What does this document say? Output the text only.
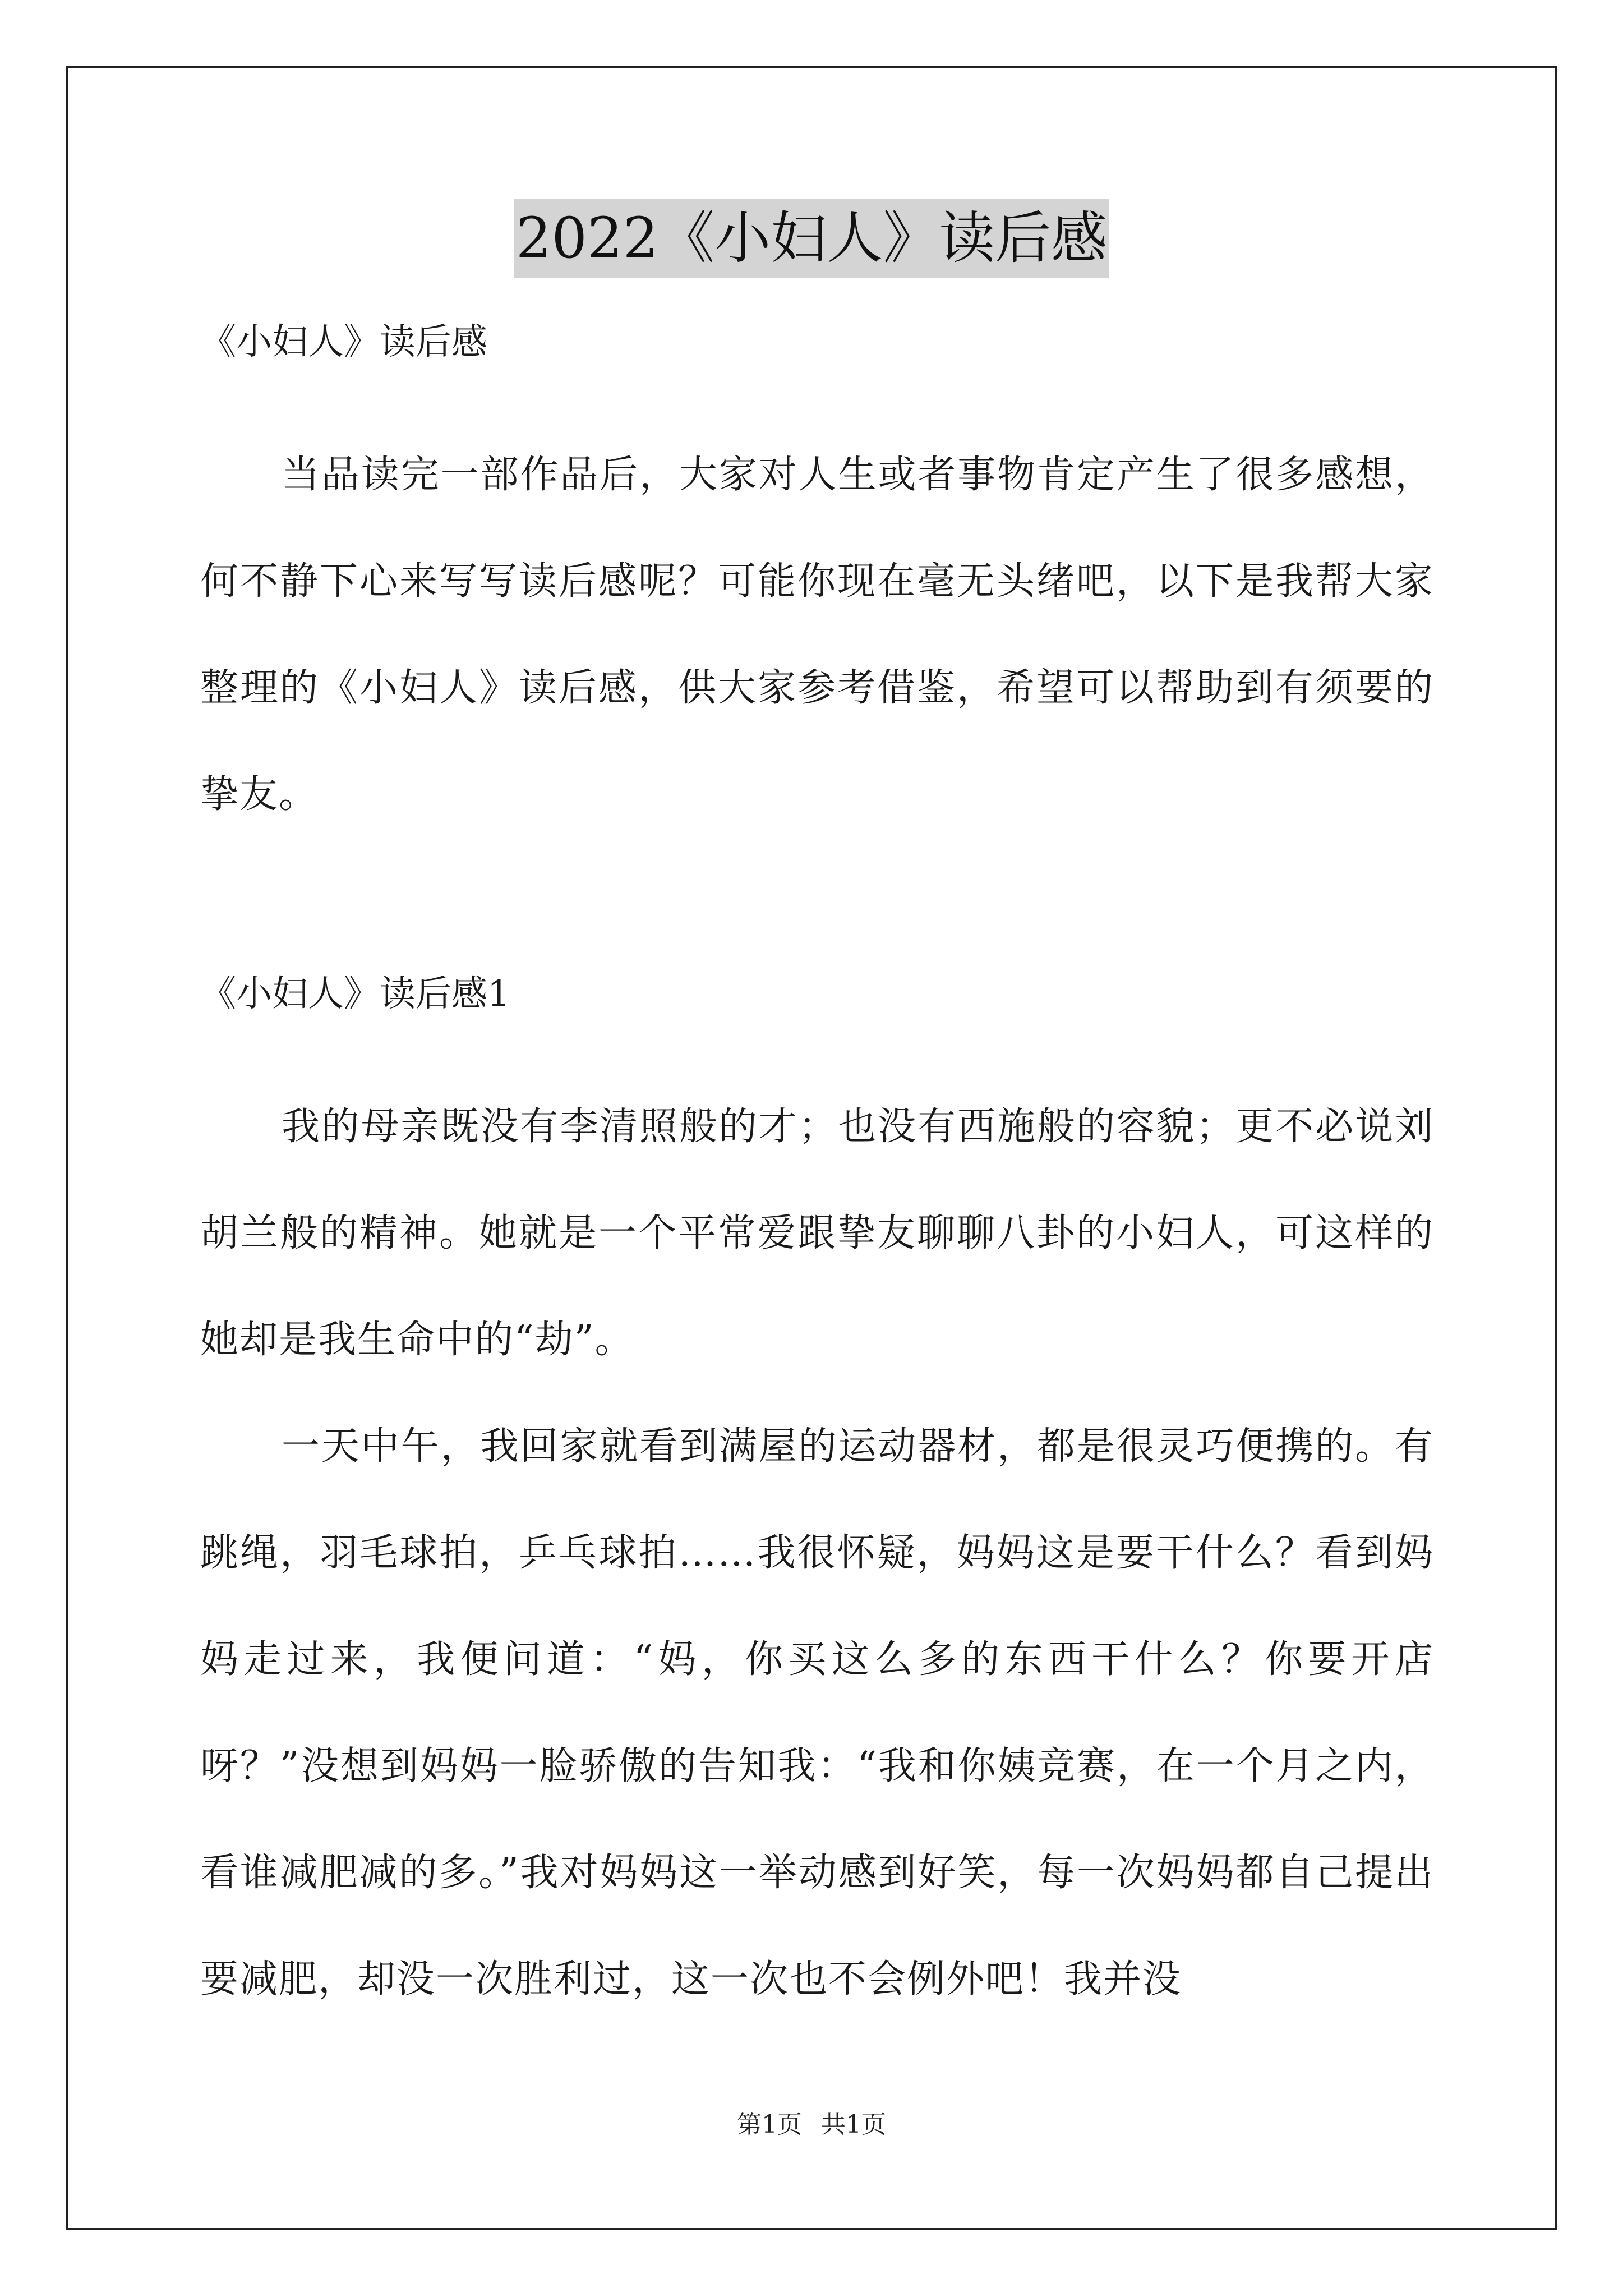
2022《小妇人》读后感

《小妇人》读后感

当品读完一部作品后，大家对人生或者事物肯定产生了很多感想，何不静下心来写写读后感呢？可能你现在毫无头绪吧，以下是我帮大家整理的《小妇人》读后感，供大家参考借鉴，希望可以帮助到有须要的挚友。

《小妇人》读后感1

我的母亲既没有李清照般的才；也没有西施般的容貌；更不必说刘胡兰般的精神。她就是一个平常爱跟挚友聊聊八卦的小妇人，可这样的她却是我生命中的“劫”。

一天中午，我回家就看到满屋的运动器材，都是很灵巧便携的。有跳绳，羽毛球拍，乒乓球拍……我很怀疑，妈妈这是要干什么？看到妈妈走过来，我便问道：“妈，你买这么多的东西干什么？你要开店呀？”没想到妈妈一脸骄傲的告知我：“我和你姨竞赛，在一个月之内，看谁减肥减的多。”我对妈妈这一举动感到好笑，每一次妈妈都自己提出要减肥，却没一次胜利过，这一次也不会例外吧！我并没

第1页 共1页
